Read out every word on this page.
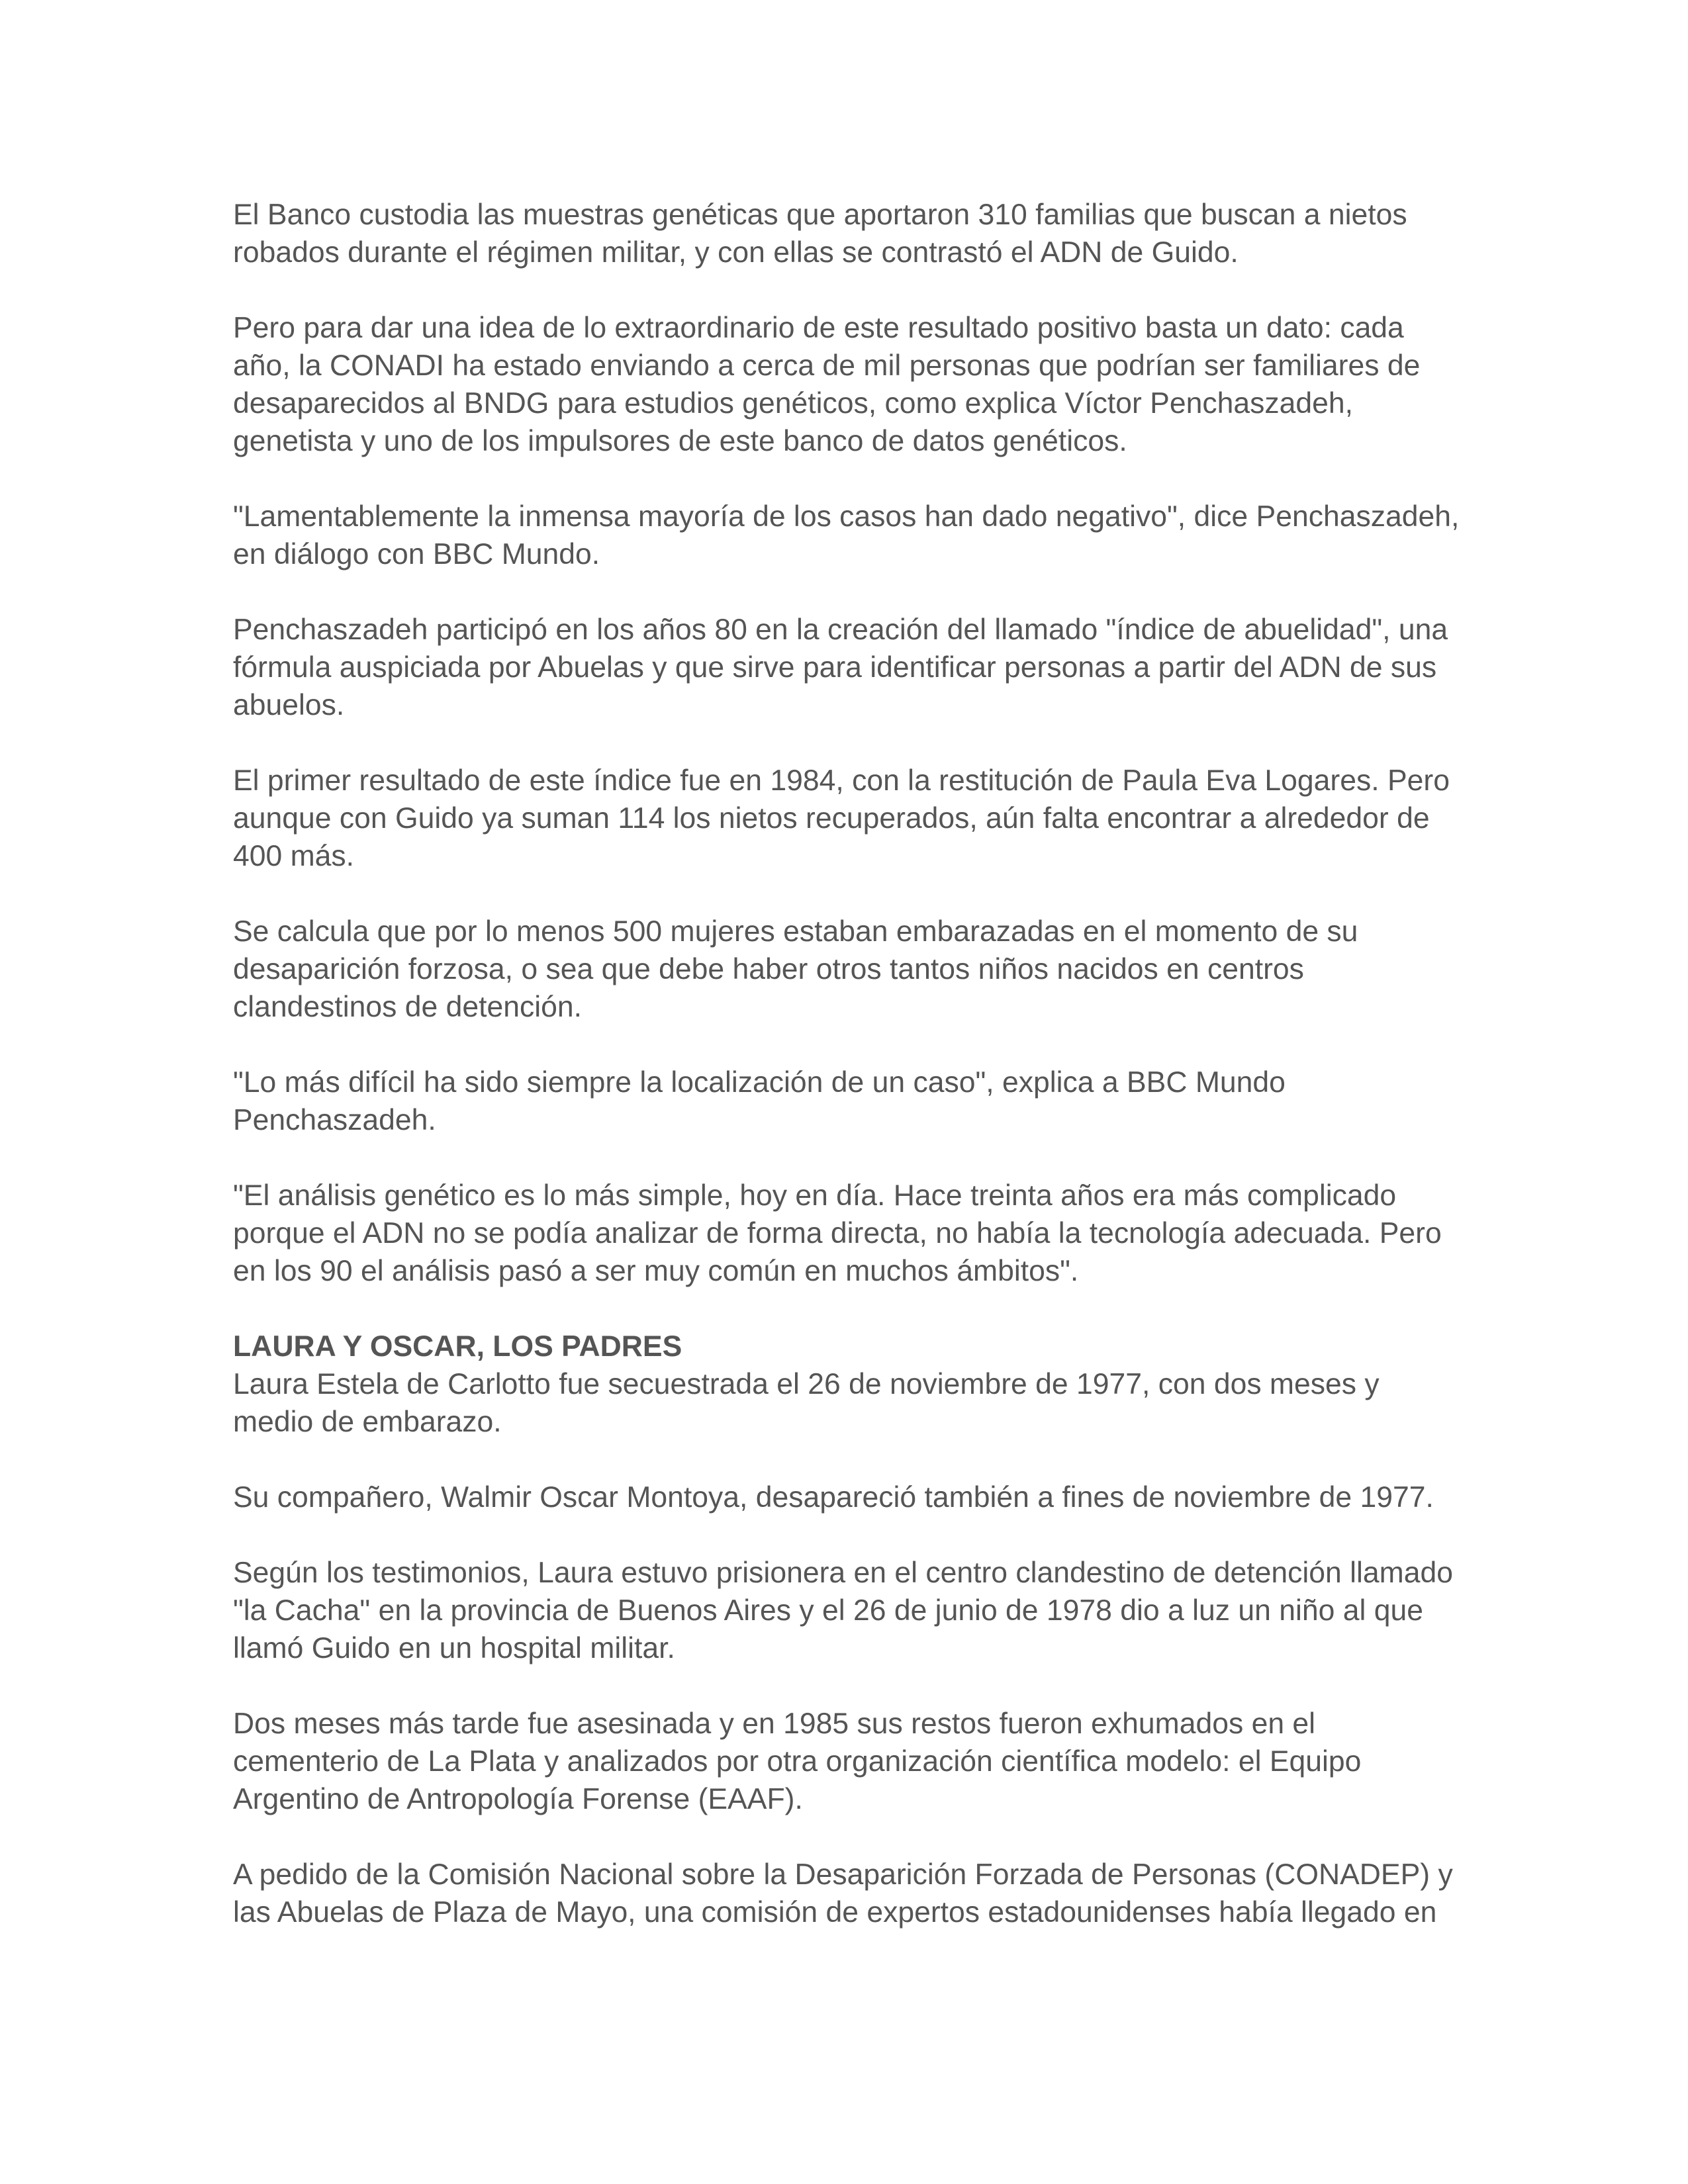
El Banco custodia las muestras genéticas que aportaron 310 familias que buscan a nietos robados durante el régimen militar, y con ellas se contrastó el ADN de Guido.

Pero para dar una idea de lo extraordinario de este resultado positivo basta un dato: cada año, la CONADI ha estado enviando a cerca de mil personas que podrían ser familiares de desaparecidos al BNDG para estudios genéticos, como explica Víctor Penchaszadeh, genetista y uno de los impulsores de este banco de datos genéticos.

"Lamentablemente la inmensa mayoría de los casos han dado negativo", dice Penchaszadeh, en diálogo con BBC Mundo.

Penchaszadeh participó en los años 80 en la creación del llamado "índice de abuelidad", una fórmula auspiciada por Abuelas y que sirve para identificar personas a partir del ADN de sus abuelos.

El primer resultado de este índice fue en 1984, con la restitución de Paula Eva Logares. Pero aunque con Guido ya suman 114 los nietos recuperados, aún falta encontrar a alrededor de 400 más.

Se calcula que por lo menos 500 mujeres estaban embarazadas en el momento de su desaparición forzosa, o sea que debe haber otros tantos niños nacidos en centros clandestinos de detención.

"Lo más difícil ha sido siempre la localización de un caso", explica a BBC Mundo Penchaszadeh.

"El análisis genético es lo más simple, hoy en día. Hace treinta años era más complicado porque el ADN no se podía analizar de forma directa, no había la tecnología adecuada. Pero en los 90 el análisis pasó a ser muy común en muchos ámbitos".

LAURA Y OSCAR, LOS PADRES

Laura Estela de Carlotto fue secuestrada el 26 de noviembre de 1977, con dos meses y medio de embarazo.

Su compañero, Walmir Oscar Montoya, desapareció también a fines de noviembre de 1977.

Según los testimonios, Laura estuvo prisionera en el centro clandestino de detención llamado "la Cacha" en la provincia de Buenos Aires y el 26 de junio de 1978 dio a luz un niño al que llamó Guido en un hospital militar.

Dos meses más tarde fue asesinada y en 1985 sus restos fueron exhumados en el cementerio de La Plata y analizados por otra organización científica modelo: el Equipo Argentino de Antropología Forense (EAAF).

A pedido de la Comisión Nacional sobre la Desaparición Forzada de Personas (CONADEP) y las Abuelas de Plaza de Mayo, una comisión de expertos estadounidenses había llegado en
